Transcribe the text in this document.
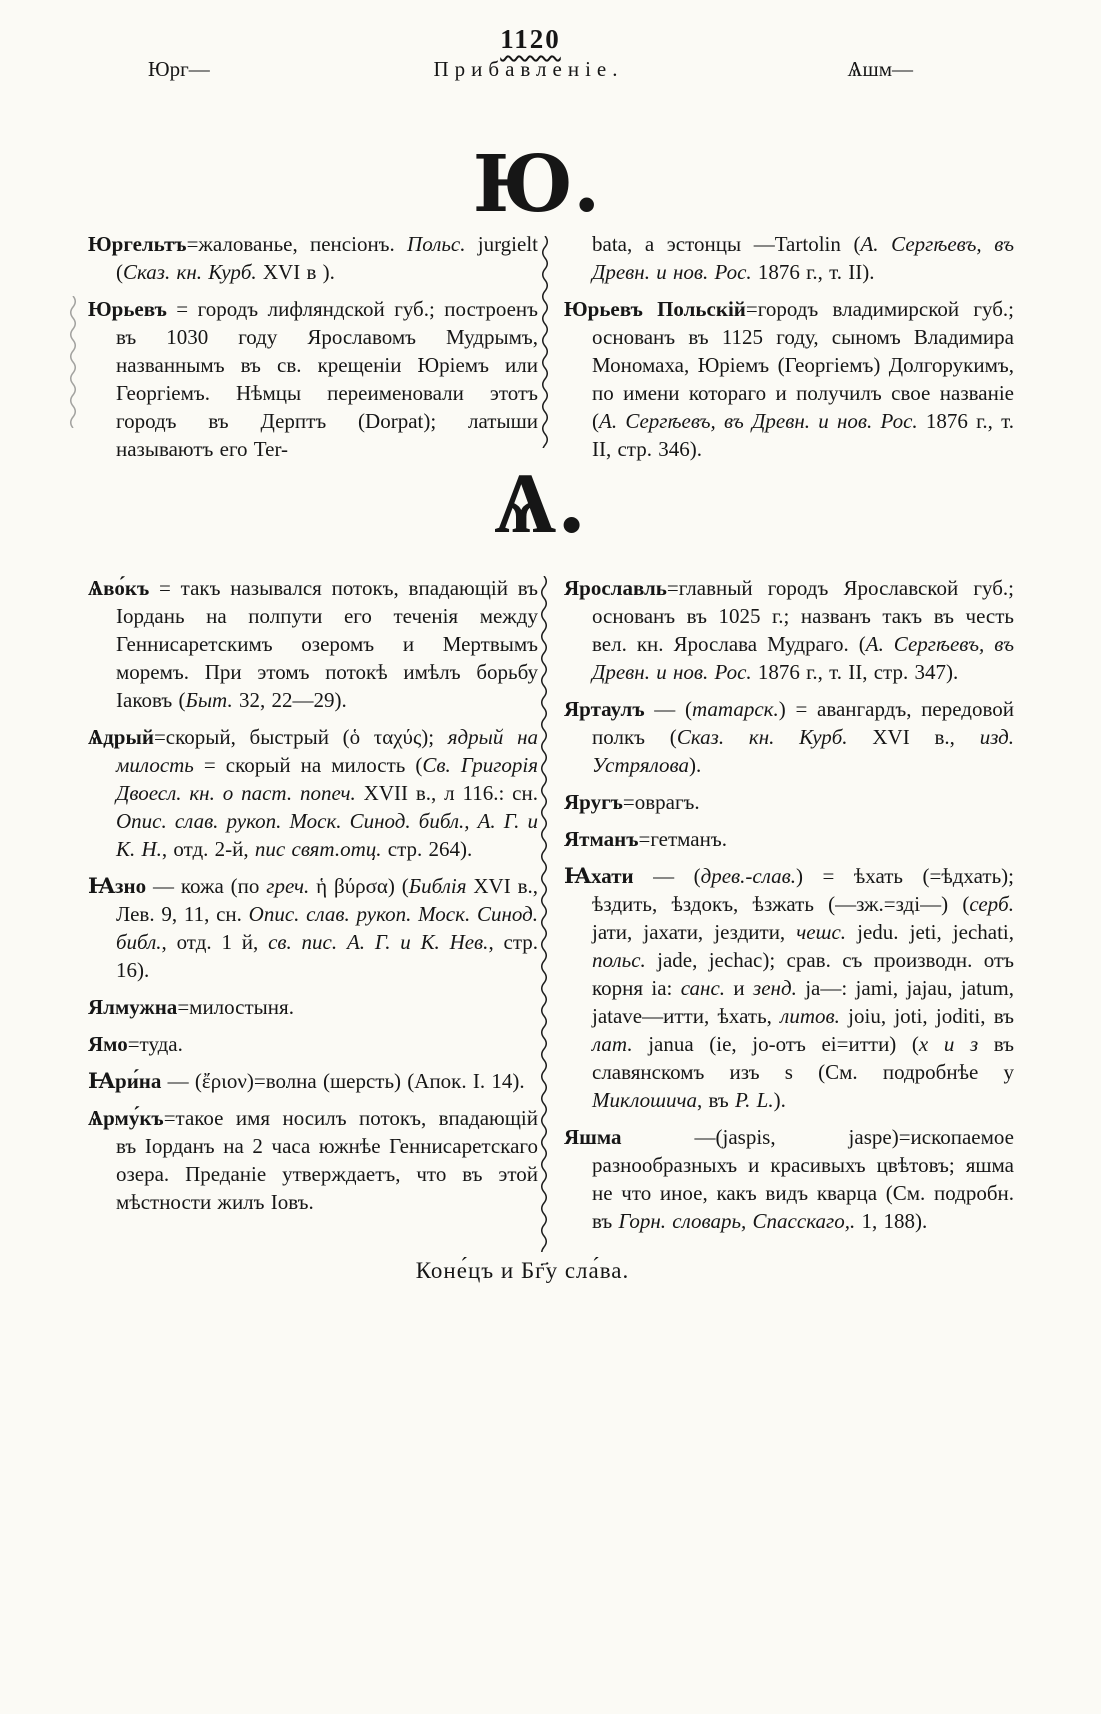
1120
Юрг—	Прибавленіе.	Ѧшм—
Ю.

Юргельтъ=жалованье, пенсіонъ. Польс. jurgielt (Сказ. кн. Курб. XVI в ).

Юрьевъ = городъ лифляндской губ.; построенъ въ 1030 году Ярославомъ Мудрымъ, названнымъ въ св. крещеніи Юріемъ или Георгіемъ. Нѣмцы переименовали этотъ городъ въ Дерптъ (Dorpat); латыши называютъ его Ter-

bata, а эстонцы —Tartolin (А. Сергѣевъ, въ Древн. и нов. Рос. 1876 г., т. II).

Юрьевъ Польскій=городъ владимирской губ.; основанъ въ 1125 году, сыномъ Владимира Мономаха, Юріемъ (Георгіемъ) Долгорукимъ, по имени котораго и получилъ свое названіе (А. Сергѣевъ, въ Древн. и нов. Рос. 1876 г., т. II, стр. 346).

Ѧ.

Ѧво́къ = такъ назывался потокъ, впадающій въ Іордань на полпути его теченія между Геннисаретскимъ озеромъ и Мертвымъ моремъ. При этомъ потокѣ имѣлъ борьбу Іаковъ (Быт. 32, 22—29).

Ѧдрый=скорый, быстрый (ὁ ταχύς); ядрый на милость = скорый на милость (Св. Григорія Двоесл. кн. о паст. попеч. XVII в., л 116.: сн. Опис. слав. рукоп. Моск. Синод. библ., А. Г. и К. Н., отд. 2-й, пис свят.отц. стр. 264).

Ꙗзно — кожа (по греч. ἡ βύρσα) (Библія XVI в., Лев. 9, 11, сн. Опис. слав. рукоп. Моск. Синод. библ., отд. 1 й, св. пис. А. Г. и К. Нев., стр. 16).

Ялмужна=милостыня.

Ямо=туда.

Ꙗри́на — (ἔριον)=волна (шерсть) (Апок. I. 14).

Ѧрму́къ=такое имя носилъ потокъ, впадающій въ Іорданъ на 2 часа южнѣе Геннисаретскаго озера. Преданіе утверждаетъ, что въ этой мѣстности жилъ Іовъ.

Ярославль=главный городъ Ярославской губ.; основанъ въ 1025 г.; названъ такъ въ честь вел. кн. Ярослава Мудраго. (А. Сергѣевъ, въ Древн. и нов. Рос. 1876 г., т. II, стр. 347).

Яртаулъ — (татарск.) = авангардъ, передовой полкъ (Сказ. кн. Курб. XVI в., изд. Устрялова).

Яругъ=оврагъ.

Ятманъ=гетманъ.

Ꙗхати — (древ.-слав.) = ѣхать (=ѣдхать); ѣздить, ѣздокъ, ѣзжать (—зж.=зді—) (серб. јати, јахати, јездити, чешс. jedu. jeti, jechati, польс. jade, jechac); срав. съ производн. отъ корня ia: санс. и зенд. ja—: jami, jajau, jatum, jatave—итти, ѣхать, литов. joiu, joti, joditi, въ лат. janua (ie, jo-отъ ei=итти) (х и з въ славянскомъ изъ s (См. подробнѣе у Миклошича, въ P. L.).

Яшма —(jaspis, jaspe)=ископаемое разнообразныхъ и красивыхъ цвѣтовъ; яшма не что иное, какъ видъ кварца (См. подробн. въ Горн. словарь, Спасскаго,. 1, 188).

Коне́цъ и Бг҃у сла́ва.
